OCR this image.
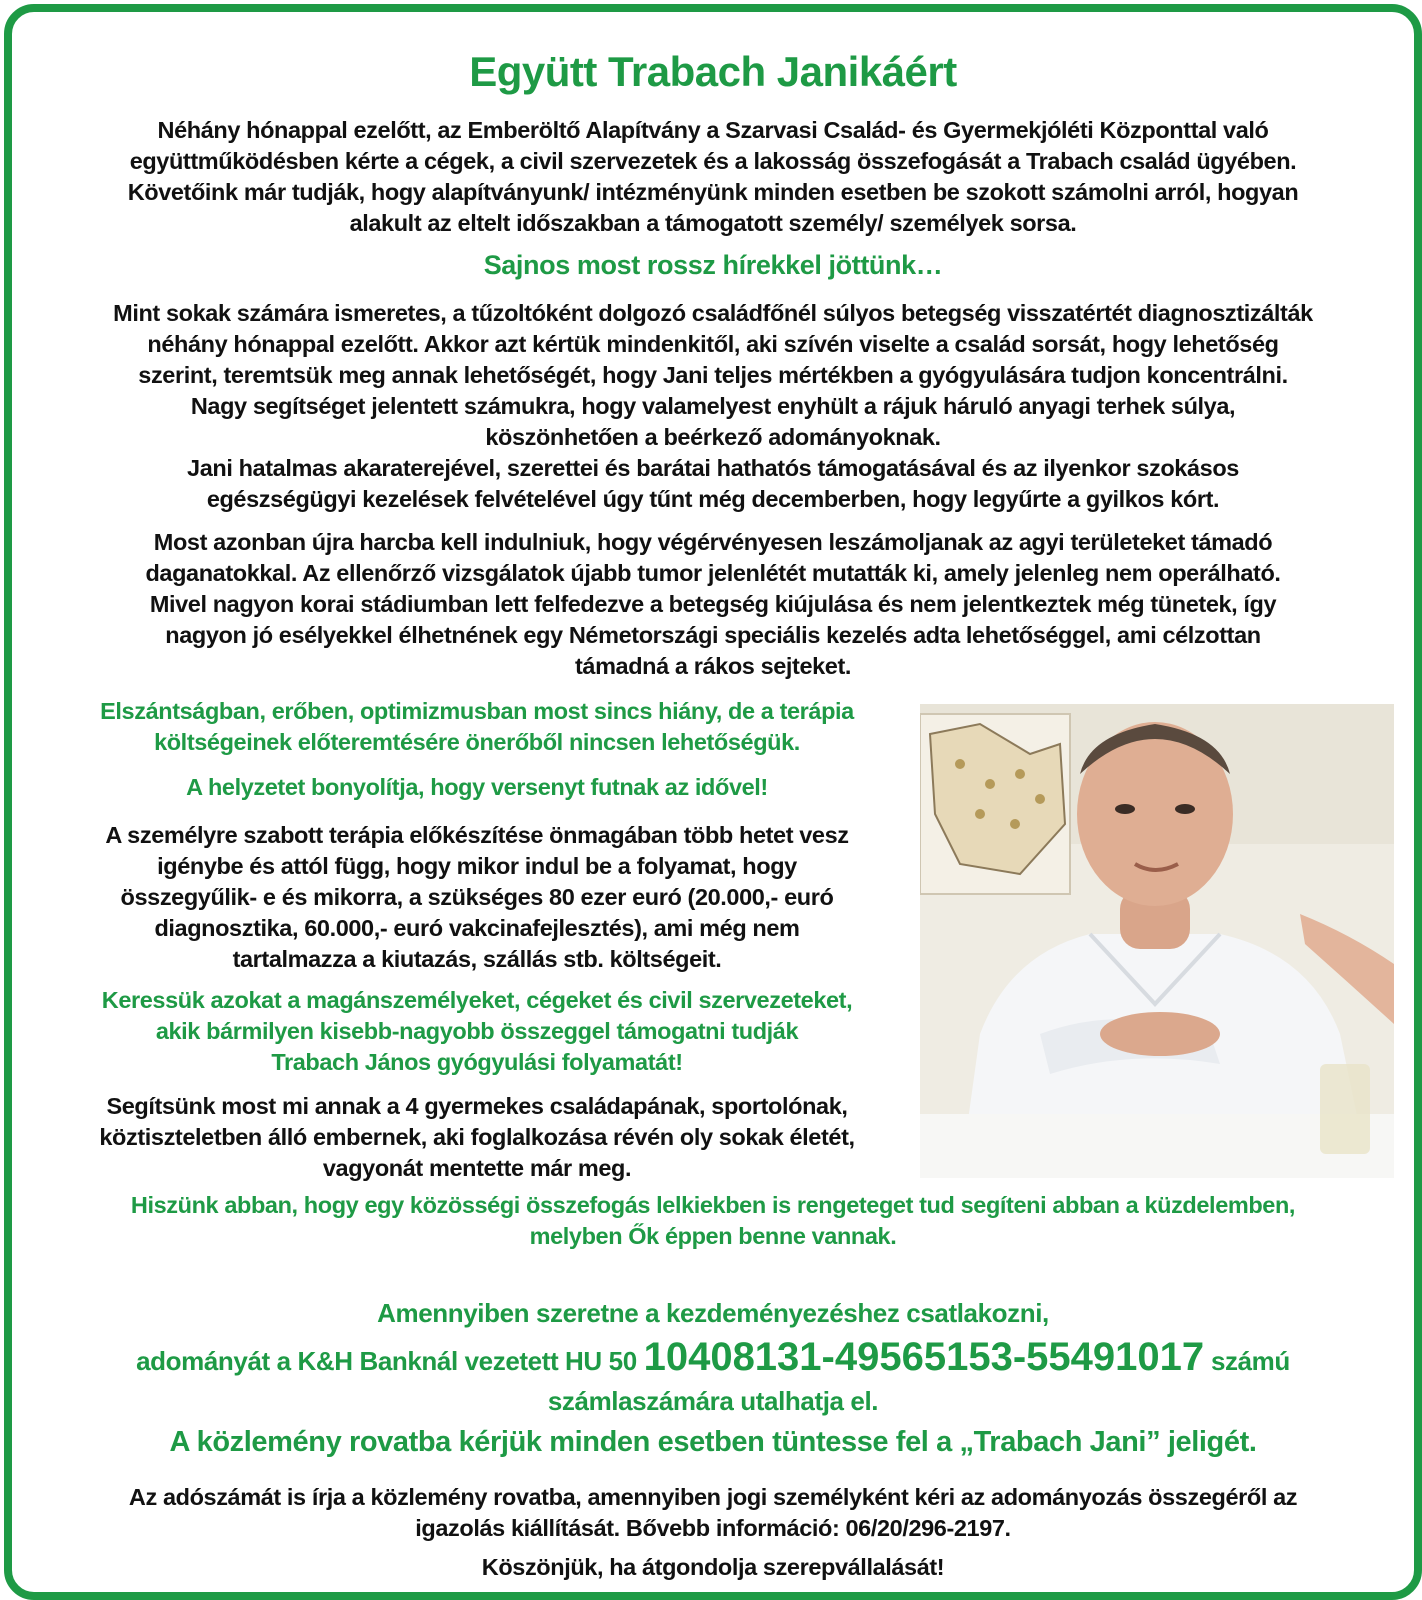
Együtt Trabach Janikáért
Néhány hónappal ezelőtt, az Emberöltő Alapítvány a Szarvasi Család- és Gyermekjóléti Központtal való
együttműködésben kérte a cégek, a civil szervezetek és a lakosság összefogását a Trabach család ügyében.
Követőink már tudják, hogy alapítványunk/ intézményünk minden esetben be szokott számolni arról, hogyan
alakult az eltelt időszakban a támogatott személy/ személyek sorsa.
Sajnos most rossz hírekkel jöttünk…
Mint sokak számára ismeretes, a tűzoltóként dolgozó családfőnél súlyos betegség visszatértét diagnosztizálták
néhány hónappal ezelőtt. Akkor azt kértük mindenkitől, aki szívén viselte a család sorsát, hogy lehetőség
szerint, teremtsük meg annak lehetőségét, hogy Jani teljes mértékben a gyógyulására tudjon koncentrálni.
Nagy segítséget jelentett számukra, hogy valamelyest enyhült a rájuk háruló anyagi terhek súlya,
köszönhetően a beérkező adományoknak.
Jani hatalmas akaraterejével, szerettei és barátai hathatós támogatásával és az ilyenkor szokásos
egészségügyi kezelések felvételével úgy tűnt még decemberben, hogy legyűrte a gyilkos kórt.
Most azonban újra harcba kell indulniuk, hogy végérvényesen leszámoljanak az agyi területeket támadó
daganatokkal. Az ellenőrző vizsgálatok újabb tumor jelenlétét mutatták ki, amely jelenleg nem operálható.
Mivel nagyon korai stádiumban lett felfedezve a betegség kiújulása és nem jelentkeztek még tünetek, így
nagyon jó esélyekkel élhetnének egy Németországi speciális kezelés adta lehetőséggel, ami célzottan
támadná a rákos sejteket.
Elszántságban, erőben, optimizmusban most sincs hiány, de a terápia
költségeinek előteremtésére önerőből nincsen lehetőségük.
A helyzetet bonyolítja, hogy versenyt futnak az idővel!
A személyre szabott terápia előkészítése önmagában több hetet vesz
igénybe és attól függ, hogy mikor indul be a folyamat, hogy
összegyűlik- e és mikorra, a szükséges 80 ezer euró (20.000,- euró
diagnosztika, 60.000,- euró vakcinafejlesztés), ami még nem
tartalmazza a kiutazás, szállás stb. költségeit.
Keressük azokat a magánszemélyeket, cégeket és civil szervezeteket,
akik bármilyen kisebb-nagyobb összeggel támogatni tudják
Trabach János gyógyulási folyamatát!
Segítsünk most mi annak a 4 gyermekes családapának, sportolónak,
köztiszteletben álló embernek, aki foglalkozása révén oly sokak életét,
vagyonát mentette már meg.
Hiszünk abban, hogy egy közösségi összefogás lelkiekben is rengeteget tud segíteni abban a küzdelemben,
melyben Ők éppen benne vannak.
Amennyiben szeretne a kezdeményezéshez csatlakozni,
adományát a K&H Banknál vezetett HU 50 10408131-49565153-55491017 számú
számlaszámára utalhatja el.
A közlemény rovatba kérjük minden esetben tüntesse fel a „Trabach Jani” jeligét.
Az adószámát is írja a közlemény rovatba, amennyiben jogi személyként kéri az adományozás összegéről az
igazolás kiállítását. Bővebb információ: 06/20/296-2197.
Köszönjük, ha átgondolja szerepvállalását!
